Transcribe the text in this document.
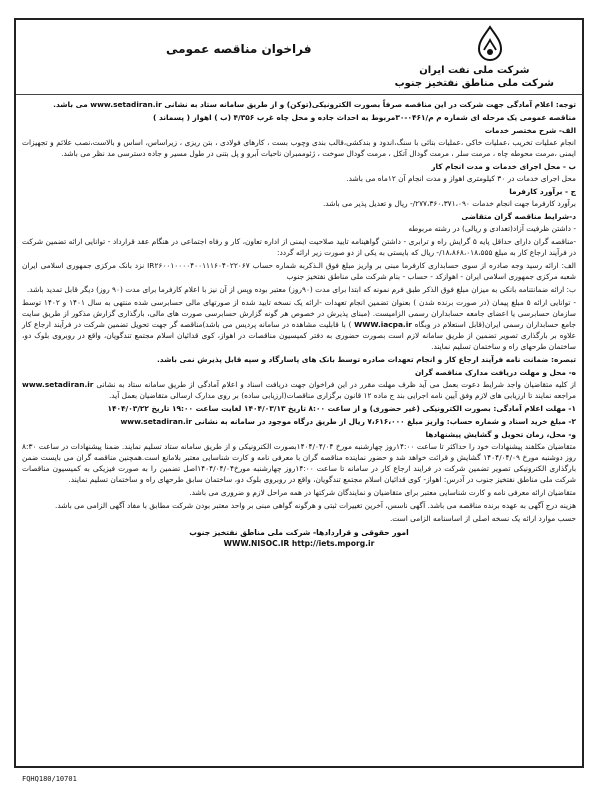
شرکت ملی نفت ایران
شرکت ملی مناطق نفتخیز جنوب
فراخوان مناقصه عمومی

توجه: اعلام آمادگی جهت شرکت در این مناقصه صرفاً بصورت الکترونیکی(توکن) و از طریق سامانه ستاد به نشانی www.setadiran.ir می باشد.

مناقصه عمومی یک مرحله ای شماره م م/۰۴۶۱‑۳۰مربوط به احداث جاده و محل چاه غرب ۴/۳۵۶ (ب ) اهواز ( پسماند )

الف- شرح مختصر خدمات

انجام عملیات تخریب ،عملیات خاکی ،عملیات بنائی با سنگ،اندود و بندکشی،قالب بندی وچوب بست ، کارهای فولادی ، بتن ریزی ، زیراساس، اساس و بالاست،نصب علائم و تجهیزات ایمنی ،مرمت محوطه چاه ، مرمت سلر ، مرمت گودال آتکل ، مرمت گودال سوخت ، ژئوممبران ناحیات آبرو و پل بتنی در طول مسیر و جاده دسترسی مد نظر می باشد.

ب - محل اجرای خدمات و مدت انجام کار

محل اجرای خدمات در ۳۰ کیلومتری اهواز و مدت انجام آن ۱۲ماه می باشد.

ج - برآورد کارفرما

برآورد کارفرما جهت انجام خدمات ۲۷۷،۳۶۰،۳۷۱،۰۹۰/- ریال و تعدیل پذیر می باشد.

د-شرایط مناقصه گران متقاضی

- داشتن ظرفیت آزاد(تعدادی و ریالی) در رشته مربوطه

-مناقصه گران دارای حداقل پایه ۵ گرایش راه و ترابری - داشتن گواهینامه تایید صلاحیت ایمنی از اداره تعاون، کار و رفاه اجتماعی در هنگام عقد قرارداد - توانایی ارائه تضمین شرکت در فرآیند ارجاع کار به مبلغ ۱۸،۸۶۸،۰۱۸،۵۵۵/- ریال که بایستی به یکی از دو صورت زیر ارائه گردد:

الف: ارائه رسید وجه صادره از سوی حسابداری کارفرما مبنی بر واریز مبلغ فوق الـذکربه شماره حساب IR۲۶۰۰۱۰۰۰۰۴۰۰۱۱۱۶۰۴۰۲۲۰۶۷ نزد بانک مرکزی جمهوری اسلامی ایران شعبه مرکزی جمهوری اسلامی ایران - اهوازکد - حساب - بنام شرکت ملی مناطق نفتخیز جنوب

ب: ارائه ضمانتنامه بانکی به میزان مبلغ فوق الذکر طبق فرم نمونه که ابتدا برای مدت (۹۰روز) معتبر بوده وپس از آن نیز با اعلام کارفرما برای مدت (۹۰ روز) دیگر قابل تمدید باشد.

- توانایی ارائه ۵ مبلغ پیمان (در صورت برنده شدن ) بعنوان تضمین انجام تعهدات -ارائه یک نسخه تایید شده از صورتهای مالی حسابرسی شده منتهی به سال ۱۴۰۱ و ۱۴۰۲ توسط سازمان حسابرسی یا اعضای جامعه حسابداران رسمی الزامیست. (مبنای پذیرش در خصوص هر گونه گزارش حسابرسی صورت های مالی، بارگذاری گزارش مذکور از طریق سایت جامع حسابداران رسمی ایران(قابل استعلام در وبگاه WWW.iacpa.ir ) با قابلیت مشاهده در سامانه پردیس می باشد)مناقصه گر جهت تحویل تضمین شرکت در فرآیند ارجاع کار علاوه بر بارگذاری تصویر تضمین از طریق سامانه لازم است بصورت حضوری به دفتر کمیسیون مناقصات در اهواز، کوی قدائیان اسلام مجتمع تندگویان، واقع در روبروی بلوک دو، ساختمان طرحهای راه و ساختمان تسلیم نمایند.

تبصره: ضمانت نامه فرآیند ارجاع کار و انجام تعهدات صادره توسط بانک های پاسارگاد و سپه قابل پذیرش نمی باشد.

ه- محل و مهلت دریافت مدارک مناقصه گران

از کلیه متقاضیان واجد شرایط دعوت بعمل می آید ظرف مهلت مقرر در این فراخوان جهت دریافت اسناد و اعلام آمادگی از طریق سامانه ستاد به نشانی www.setadiran.ir مراجعه نمایند تا ارزیابی های لازم وفق آیین نامه اجرایی بند ج ماده ۱۲ قانون برگزاری مناقصات(ارزیابی ساده) بر روی مدارک ارسالی متقاضیان بعمل آید.

۱- مهلت اعلام آمادگی: بصورت الکترونیکی (غیر حضوری) و از ساعت ۸:۰۰ تاریخ ۱۴۰۴/۰۳/۱۳ لغایت ساعت ۱۹:۰۰ تاریخ ۱۴۰۴/۰۳/۲۲

۲- مبلغ خرید اسناد و شماره حساب: واریز مبلغ ۷،۶۱۶،۰۰۰ ریال از طریق درگاه موجود در سامانه به نشانی www.setadiran.ir

و- محل، زمان تحویل و گشایش پیشنهادها

متقاضیان مکلفند پیشنهادات خود را حداکثر تا ساعت ۱۴:۰۰روز چهارشنبه مورخ ۱۴۰۴/۰۴/۰۴بصورت الکترونیکی و از طریق سامانه ستاد تسلیم نمایند. ضمنا پیشنهادات در ساعت ۸:۳۰ روز دوشنبه مورخ ۱۴۰۴/۰۴/۰۹ گشایش و قرائت خواهد شد و حضور نماینده مناقصه گران با معرفی نامه و کارت شناسایی معتبر بلامانع است.همچنین مناقصه گران می بایست ضمن بارگذاری الکترونیکی تصویر تضمین شرکت در فرایند ارجاع کار در سامانه تا ساعت ۱۴:۰۰روز چهارشنبه مورخ۱۴۰۴/۰۴/۰۴اصل تضمین را به صورت فیزیکی به کمیسیون مناقصات شرکت ملی مناطق نفتخیز جنوب در آدرس: اهواز- کوی قدائیان اسلام مجتمع تندگویان، واقع در روبروی بلوک دو، ساختمان سابق طرحهای راه و ساختمان تسلیم نمایند.

متقاضیان ارائه معرفی نامه و کارت شناسایی معتبر برای متقاضیان و نمایندگان شرکتها در همه مراحل لازم و ضروری می باشد.

هزینه درج آگهی به عهده برنده مناقصه می باشد. آگهی ناسس، آخرین تغییرات ثبتی و هرگونه گواهی مبنی بر واحد معتبر بودن شرکت مطابق با مفاد آگهی الزامی می باشد.

حسب موارد ارائه یک نسخه اصلی از اساسنامه الزامی است.

امور حقوقی و قراردادها- شرکت ملی مناطق نفتخیز جنوب
WWW.NISOC.IR http://iets.mporg.ir
FQHQ180/10701
